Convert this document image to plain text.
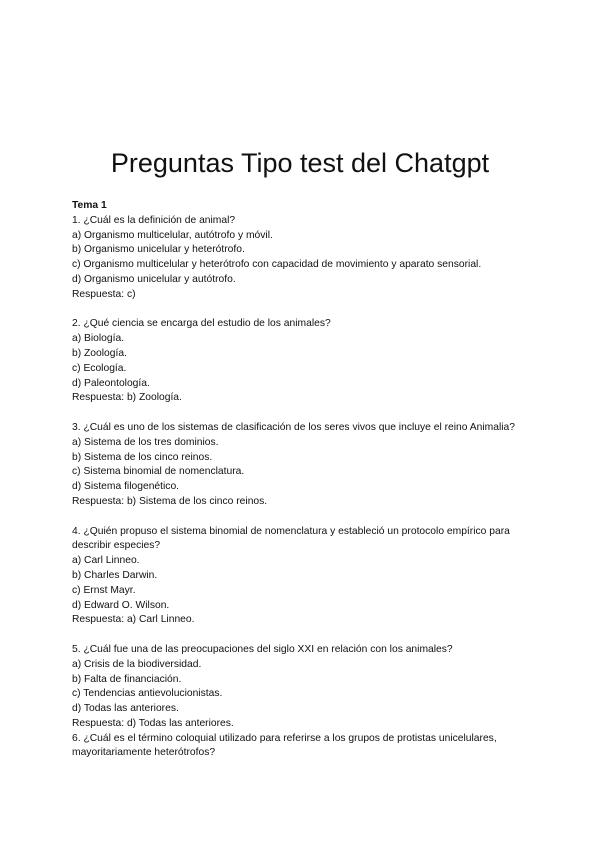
Preguntas Tipo test del Chatgpt

Tema 1

1. ¿Cuál es la definición de animal?

a) Organismo multicelular, autótrofo y móvil.

b) Organismo unicelular y heterótrofo.

c) Organismo multicelular y heterótrofo con capacidad de movimiento y aparato sensorial.

d) Organismo unicelular y autótrofo.

Respuesta: c)

2. ¿Qué ciencia se encarga del estudio de los animales?

a) Biología.

b) Zoología.

c) Ecología.

d) Paleontología.

Respuesta: b) Zoología.

3. ¿Cuál es uno de los sistemas de clasificación de los seres vivos que incluye el reino Animalia?

a) Sistema de los tres dominios.

b) Sistema de los cinco reinos.

c) Sistema binomial de nomenclatura.

d) Sistema filogenético.

Respuesta: b) Sistema de los cinco reinos.

4. ¿Quién propuso el sistema binomial de nomenclatura y estableció un protocolo empírico para describir especies?

a) Carl Linneo.

b) Charles Darwin.

c) Ernst Mayr.

d) Edward O. Wilson.

Respuesta: a) Carl Linneo.

5. ¿Cuál fue una de las preocupaciones del siglo XXI en relación con los animales?

a) Crisis de la biodiversidad.

b) Falta de financiación.

c) Tendencias antievolucionistas.

d) Todas las anteriores.

Respuesta: d) Todas las anteriores.

6. ¿Cuál es el término coloquial utilizado para referirse a los grupos de protistas unicelulares, mayoritariamente heterótrofos?
